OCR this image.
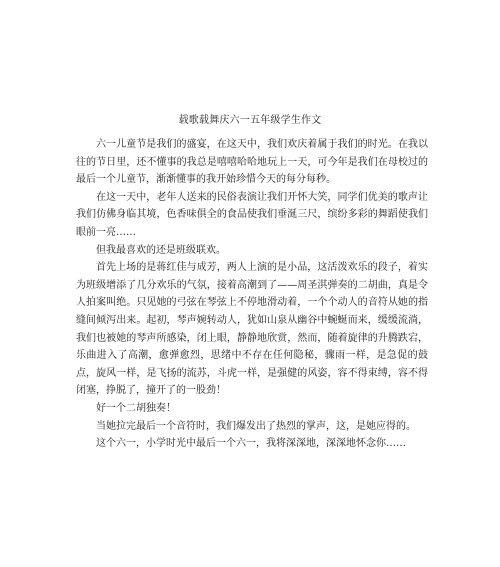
载歌载舞庆六一五年级学生作文

六一儿童节是我们的盛宴，在这天中，我们欢庆着属于我们的时光。在我以往的节日里，还不懂事的我总是嘻嘻哈哈地玩上一天，可今年是我们在母校过的最后一个儿童节，渐渐懂事的我开始珍惜今天的每分每秒。

在这一天中，老年人送来的民俗表演让我们开怀大笑，同学们优美的歌声让我们仿佛身临其境，色香味俱全的食品使我们垂涎三尺，缤纷多彩的舞蹈使我们眼前一亮……

但我最喜欢的还是班级联欢。

首先上场的是蒋红佳与成芳，两人上演的是小品，这活泼欢乐的段子，着实为班级增添了几分欢乐的气氛，接着高潮到了——周圣淇弹奏的二胡曲，真是令人拍案叫绝。只见她的弓弦在琴弦上不停地滑动着，一个个动人的音符从她的指缝间倾泻出来。起初，琴声婉转动人，犹如山泉从幽谷中蜿蜒而来，缓缓流淌，我们也被她的琴声所感染，闭上眼，静静地欣赏，然而，随着旋律的升腾跌宕，乐曲进入了高潮，愈弹愈烈，思绪中不存在任何隐秘，骤雨一样，是急促的鼓点，旋风一样，是飞扬的流苏，斗虎一样，是强健的风姿，容不得束缚，容不得闭塞，挣脱了，撞开了的一股劲！

好一个二胡独奏！

当她拉完最后一个音符时，我们爆发出了热烈的掌声，这，是她应得的。

这个六一，小学时光中最后一个六一，我将深深地，深深地怀念你……
